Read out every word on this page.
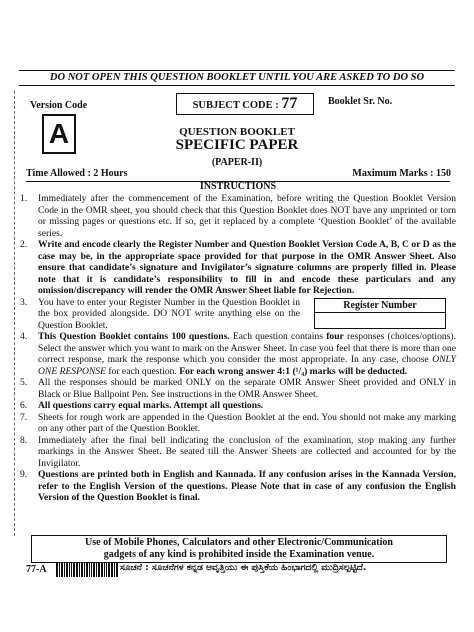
DO NOT OPEN THIS QUESTION BOOKLET UNTIL YOU ARE ASKED TO DO SO
Version Code
A
SUBJECT CODE : 77	Booklet Sr. No.
QUESTION BOOKLET
SPECIFIC PAPER
(PAPER-II)
Time Allowed : 2 Hours	Maximum Marks : 150
INSTRUCTIONS
1.	Immediately after the commencement of the Examination, before writing the Question Booklet Version Code in the OMR sheet, you should check that this Question Booklet does NOT have any unprinted or torn or missing pages or questions etc. If so, get it replaced by a complete ‘Question Booklet’ of the available series.
2.	Write and encode clearly the Register Number and Question Booklet Version Code A, B, C or D as the case may be, in the appropriate space provided for that purpose in the OMR Answer Sheet. Also ensure that candidate’s signature and Invigilator’s signature columns are properly filled in. Please note that it is candidate’s responsibility to fill in and encode these particulars and any omission/discrepancy will render the OMR Answer Sheet liable for Rejection.
3.	You have to enter your Register Number in the Question Booklet in the box provided alongside. DO NOT write anything else on the Question Booklet.
Register Number
4.	This Question Booklet contains 100 questions. Each question contains four responses (choices/options). Select the answer which you want to mark on the Answer Sheet. In case you feel that there is more than one correct response, mark the response which you consider the most appropriate. In any case, choose ONLY ONE RESPONSE for each question. For each wrong answer 4:1 (¹/₄) marks will be deducted.
5.	All the responses should be marked ONLY on the separate OMR Answer Sheet provided and ONLY in Black or Blue Ballpoint Pen. See instructions in the OMR Answer Sheet.
6.	All questions carry equal marks. Attempt all questions.
7.	Sheets for rough work are appended in the Question Booklet at the end. You should not make any marking on any other part of the Question Booklet.
8.	Immediately after the final bell indicating the conclusion of the examination, stop making any further markings in the Answer Sheet. Be seated till the Answer Sheets are collected and accounted for by the Invigilator.
9.	Questions are printed both in English and Kannada. If any confusion arises in the Kannada Version, refer to the English Version of the questions. Please Note that in case of any confusion the English Version of the Question Booklet is final.
Use of Mobile Phones, Calculators and other Electronic/Communication
gadgets of any kind is prohibited inside the Examination venue.
77-A	ಸೂಚನೆ : ಸೂಚನೆಗಳ ಕನ್ನಡ ಆವೃತ್ತಿಯು ಈ ಪುಸ್ತಿಕೆಯ ಹಿಂಭಾಗದಲ್ಲಿ ಮುದ್ರಿಸಲ್ಪಟ್ಟಿದೆ.
